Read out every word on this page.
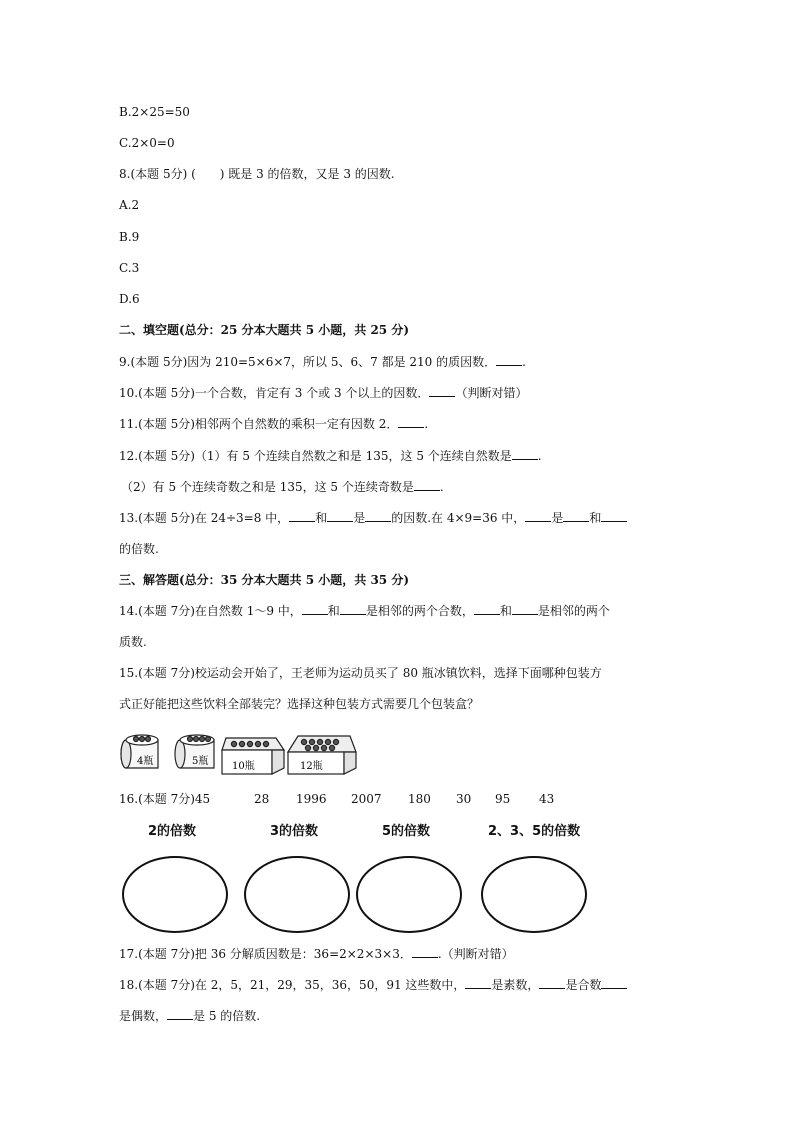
B.2×25=50
C.2×0=0
8.(本题 5分) (　　) 既是 3 的倍数，又是 3 的因数.
A.2
B.9
C.3
D.6
二、填空题(总分：25 分本大题共 5 小题，共 25 分)
9.(本题 5分)因为 210=5×6×7，所以 5、6、7 都是 210 的质因数． .
10.(本题 5分)一个合数，肯定有 3 个或 3 个以上的因数． （判断对错）
11.(本题 5分)相邻两个自然数的乘积一定有因数 2． .
12.(本题 5分)（1）有 5 个连续自然数之和是 135，这 5 个连续自然数是 .
（2）有 5 个连续奇数之和是 135，这 5 个连续奇数是 .
13.(本题 5分)在 24÷3=8 中， 和 是 的因数.在 4×9=36 中， 是 和
的倍数.
三、解答题(总分：35 分本大题共 5 小题，共 35 分)
14.(本题 7分)在自然数 1～9 中， 和 是相邻的两个合数， 和 是相邻的两个
质数.
15.(本题 7分)校运动会开始了，王老师为运动员买了 80 瓶冰镇饮料，选择下面哪种包装方
式正好能把这些饮料全部装完？选择这种包装方式需要几个包装盒？
4瓶	5瓶 10瓶	12瓶
16.(本题 7分)45	28 1996 2007 180 30 95 43
2的倍数	3的倍数	5的倍数	2、3、5的倍数
17.(本题 7分)把 36 分解质因数是：36=2×2×3×3． .（判断对错）
18.(本题 7分)在 2，5，21，29，35，36，50，91 这些数中， 是素数， 是合数
是偶数， 是 5 的倍数.
